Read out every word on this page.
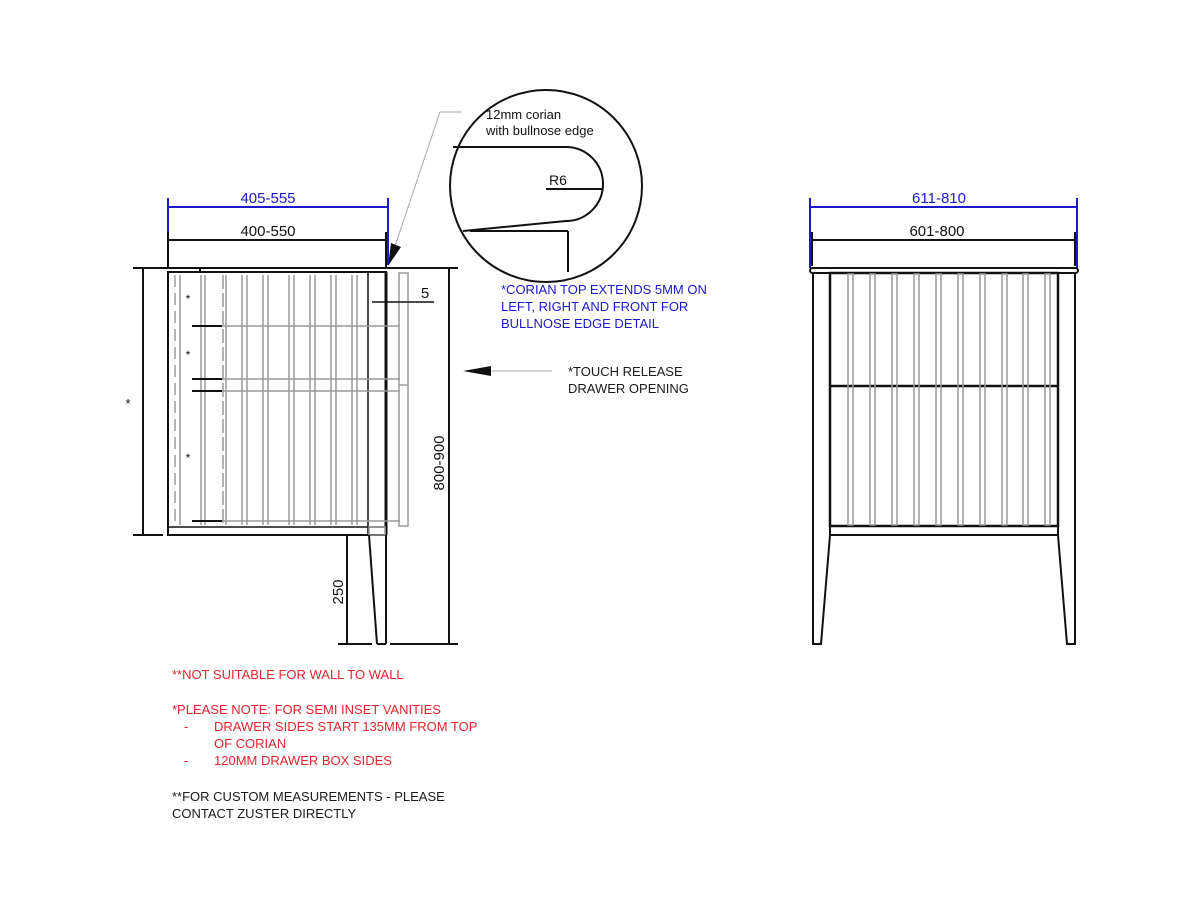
405-555
400-550
*
*
*
*
5
800-900
250
12mm corian
with bullnose edge
R6
611-810
601-800
*CORIAN TOP EXTENDS 5MM ON
LEFT, RIGHT AND FRONT FOR
BULLNOSE EDGE DETAIL
*TOUCH RELEASE
DRAWER OPENING
**NOT SUITABLE FOR WALL TO WALL
*PLEASE NOTE: FOR SEMI INSET VANITIES
-	DRAWER SIDES START 135MM FROM TOP
OF CORIAN
-	120MM DRAWER BOX SIDES
**FOR CUSTOM MEASUREMENTS - PLEASE
CONTACT ZUSTER DIRECTLY
